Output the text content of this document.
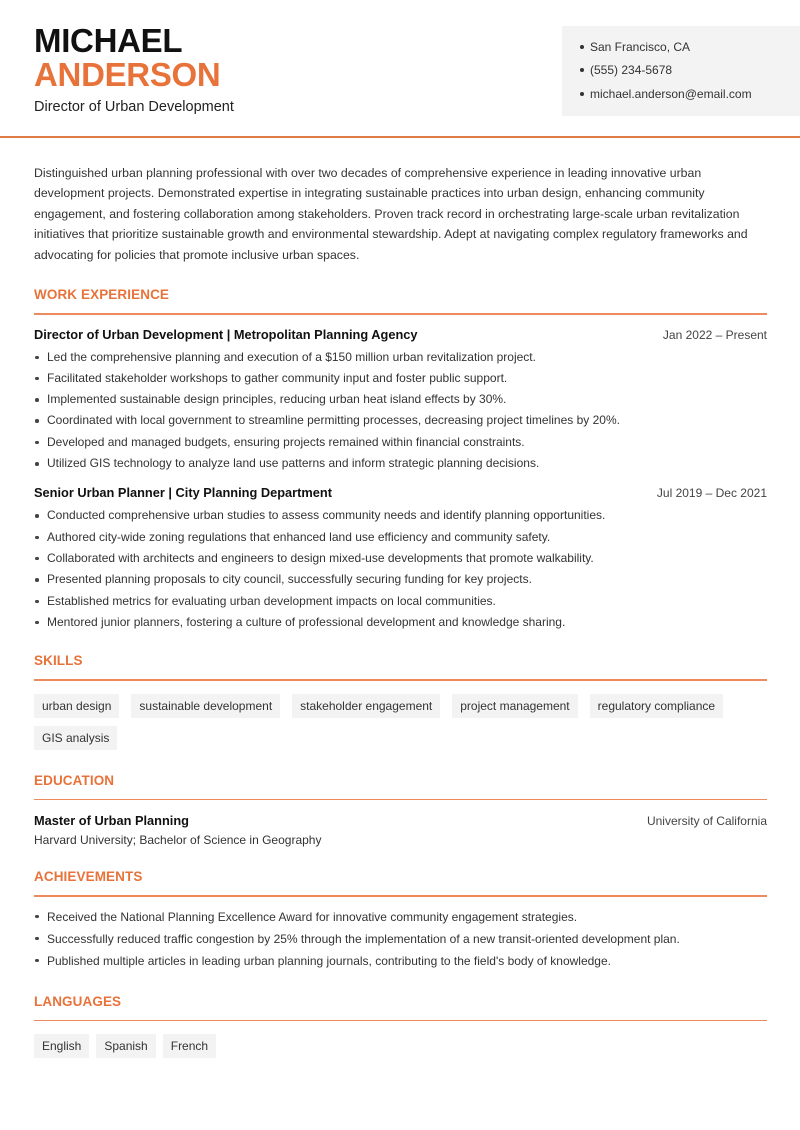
MICHAEL
ANDERSON
Director of Urban Development
San Francisco, CA
(555) 234-5678
michael.anderson@email.com

Distinguished urban planning professional with over two decades of comprehensive experience in leading innovative urban development projects. Demonstrated expertise in integrating sustainable practices into urban design, enhancing community engagement, and fostering collaboration among stakeholders. Proven track record in orchestrating large-scale urban revitalization initiatives that prioritize sustainable growth and environmental stewardship. Adept at navigating complex regulatory frameworks and advocating for policies that promote inclusive urban spaces.

WORK EXPERIENCE
Director of Urban Development | Metropolitan Planning Agency	Jan 2022 – Present
Led the comprehensive planning and execution of a $150 million urban revitalization project.
Facilitated stakeholder workshops to gather community input and foster public support.
Implemented sustainable design principles, reducing urban heat island effects by 30%.
Coordinated with local government to streamline permitting processes, decreasing project timelines by 20%.
Developed and managed budgets, ensuring projects remained within financial constraints.
Utilized GIS technology to analyze land use patterns and inform strategic planning decisions.
Senior Urban Planner | City Planning Department	Jul 2019 – Dec 2021
Conducted comprehensive urban studies to assess community needs and identify planning opportunities.
Authored city-wide zoning regulations that enhanced land use efficiency and community safety.
Collaborated with architects and engineers to design mixed-use developments that promote walkability.
Presented planning proposals to city council, successfully securing funding for key projects.
Established metrics for evaluating urban development impacts on local communities.
Mentored junior planners, fostering a culture of professional development and knowledge sharing.
SKILLS
urban design	sustainable development	stakeholder engagement	project management	regulatory compliance
GIS analysis
EDUCATION
Master of Urban Planning	University of California
Harvard University; Bachelor of Science in Geography
ACHIEVEMENTS
Received the National Planning Excellence Award for innovative community engagement strategies.
Successfully reduced traffic congestion by 25% through the implementation of a new transit-oriented development plan.
Published multiple articles in leading urban planning journals, contributing to the field's body of knowledge.
LANGUAGES
English	Spanish	French
